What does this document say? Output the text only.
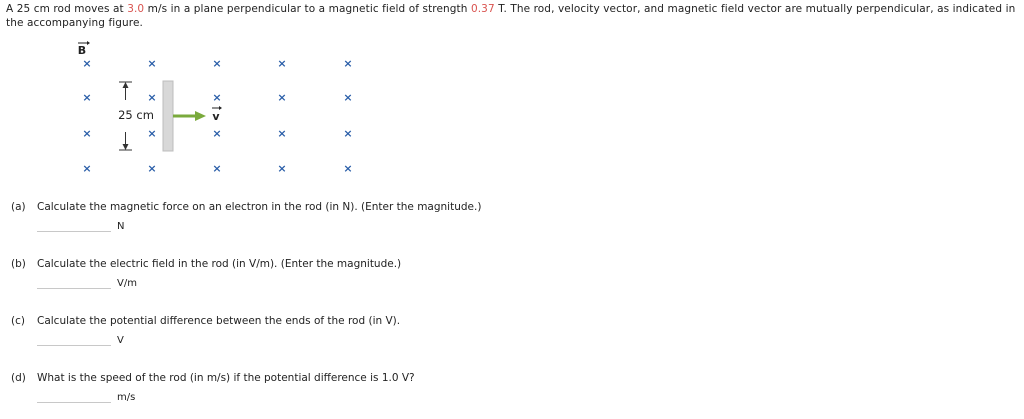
A 25 cm rod moves at 3.0 m/s in a plane perpendicular to a magnetic field of strength 0.37 T. The rod, velocity vector, and magnetic field vector are mutually perpendicular, as indicated in the accompanying figure.
B
×	×	×	×	×
×	×	×	×	×
×	×	×	×	×
×	×	×	×	×
25 cm	v
(a) Calculate the magnetic force on an electron in the rod (in N). (Enter the magnitude.)
N
(b) Calculate the electric field in the rod (in V/m). (Enter the magnitude.)
V/m
(c) Calculate the potential difference between the ends of the rod (in V).
V
(d) What is the speed of the rod (in m/s) if the potential difference is 1.0 V?
m/s
